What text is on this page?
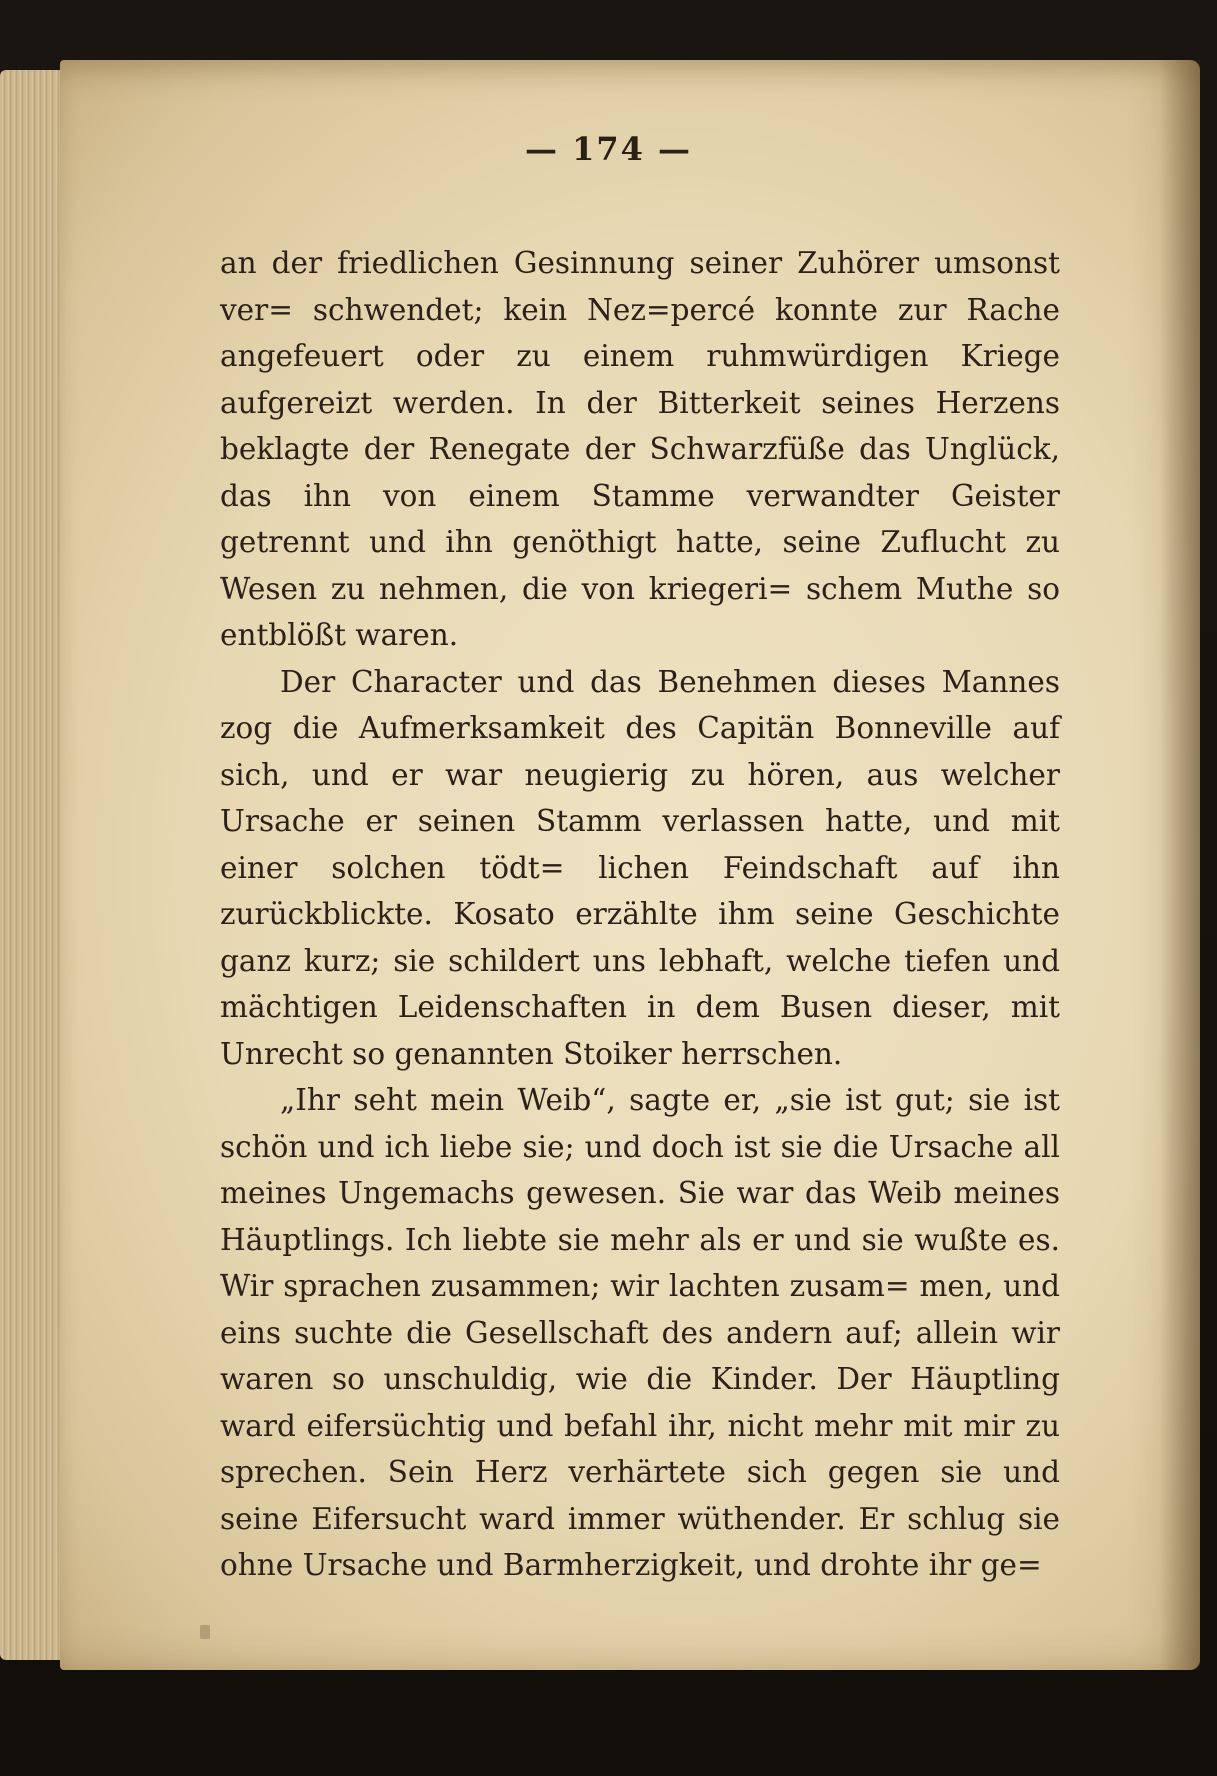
— 174 —

an der friedlichen Gesinnung seiner Zuhörer umsonst ver= schwendet; kein Nez=percé konnte zur Rache angefeuert oder zu einem ruhmwürdigen Kriege aufgereizt werden. In der Bitterkeit seines Herzens beklagte der Renegate der Schwarzfüße das Unglück, das ihn von einem Stamme verwandter Geister getrennt und ihn genöthigt hatte, seine Zuflucht zu Wesen zu nehmen, die von kriegeri= schem Muthe so entblößt waren.

Der Character und das Benehmen dieses Mannes zog die Aufmerksamkeit des Capitän Bonneville auf sich, und er war neugierig zu hören, aus welcher Ursache er seinen Stamm verlassen hatte, und mit einer solchen tödt= lichen Feindschaft auf ihn zurückblickte. Kosato erzählte ihm seine Geschichte ganz kurz; sie schildert uns lebhaft, welche tiefen und mächtigen Leidenschaften in dem Busen dieser, mit Unrecht so genannten Stoiker herrschen.

„Ihr seht mein Weib“, sagte er, „sie ist gut; sie ist schön und ich liebe sie; und doch ist sie die Ursache all meines Ungemachs gewesen. Sie war das Weib meines Häuptlings. Ich liebte sie mehr als er und sie wußte es. Wir sprachen zusammen; wir lachten zusam= men, und eins suchte die Gesellschaft des andern auf; allein wir waren so unschuldig, wie die Kinder. Der Häuptling ward eifersüchtig und befahl ihr, nicht mehr mit mir zu sprechen. Sein Herz verhärtete sich gegen sie und seine Eifersucht ward immer wüthender. Er schlug sie ohne Ursache und Barmherzigkeit, und drohte ihr ge=
